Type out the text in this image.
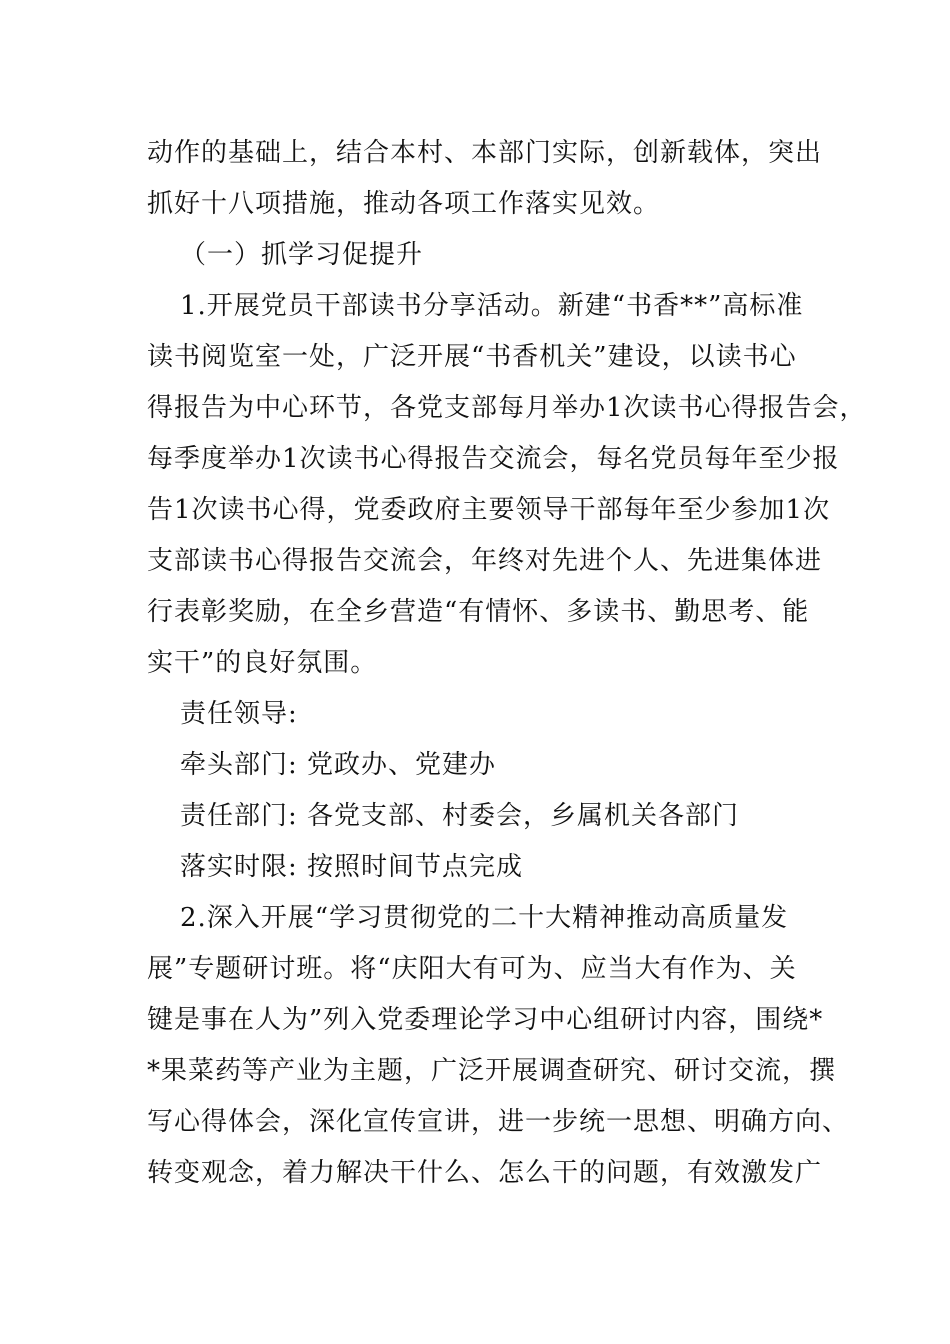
动作的基础上，结合本村、本部门实际，创新载体，突出
抓好十八项措施，推动各项工作落实见效。
（一）抓学习促提升
1.开展党员干部读书分享活动。新建“书香**”高标准
读书阅览室一处，广泛开展“书香机关”建设，以读书心
得报告为中心环节，各党支部每月举办1次读书心得报告会，
每季度举办1次读书心得报告交流会，每名党员每年至少报
告1次读书心得，党委政府主要领导干部每年至少参加1次
支部读书心得报告交流会，年终对先进个人、先进集体进
行表彰奖励，在全乡营造“有情怀、多读书、勤思考、能
实干”的良好氛围。
责任领导:
牵头部门: 党政办、党建办
责任部门: 各党支部、村委会，乡属机关各部门
落实时限: 按照时间节点完成
2.深入开展“学习贯彻党的二十大精神推动高质量发
展”专题研讨班。将“庆阳大有可为、应当大有作为、关
键是事在人为”列入党委理论学习中心组研讨内容，围绕*
*果菜药等产业为主题，广泛开展调查研究、研讨交流，撰
写心得体会，深化宣传宣讲，进一步统一思想、明确方向、
转变观念，着力解决干什么、怎么干的问题，有效激发广
